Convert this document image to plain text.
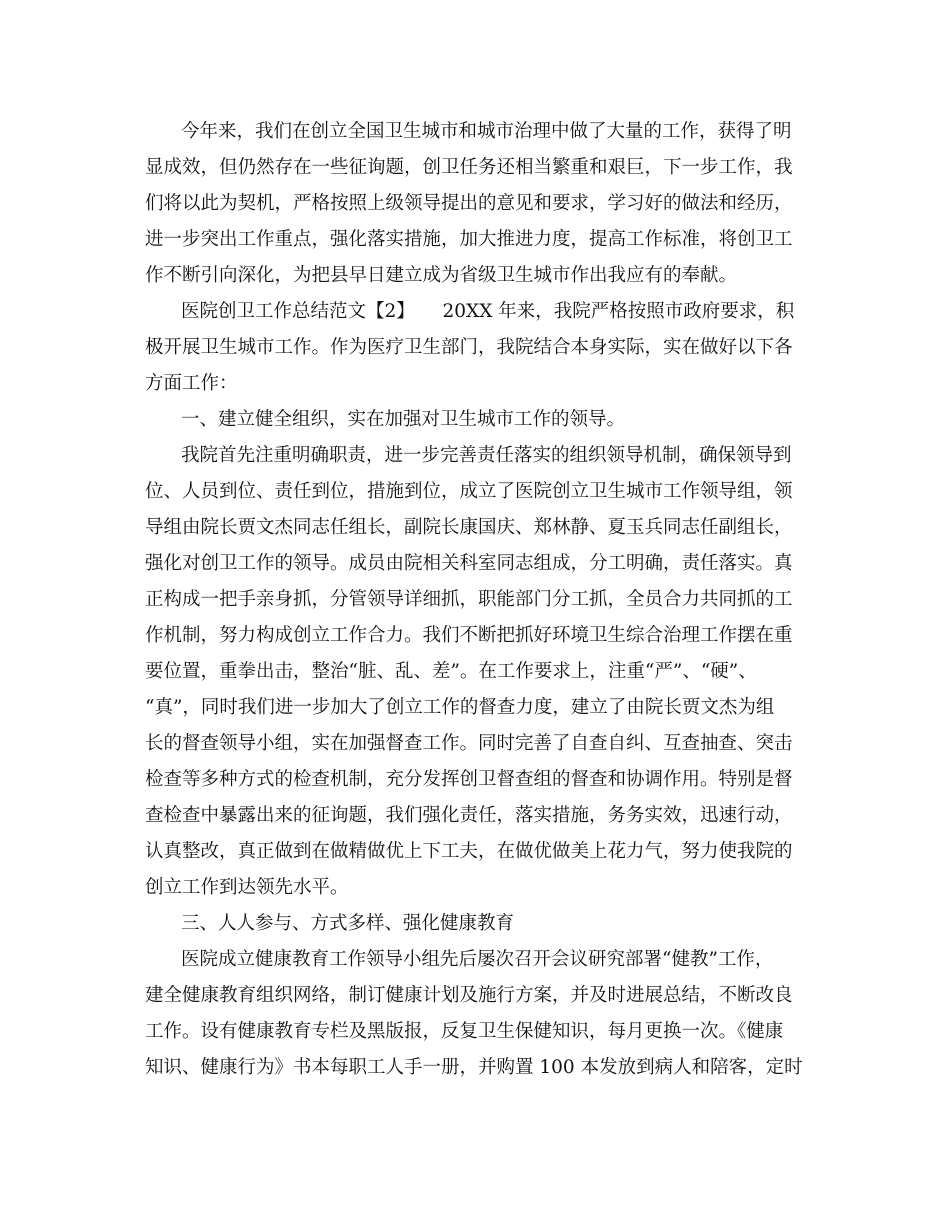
今年来，我们在创立全国卫生城市和城市治理中做了大量的工作，获得了明
显成效，但仍然存在一些征询题，创卫任务还相当繁重和艰巨，下一步工作，我
们将以此为契机，严格按照上级领导提出的意见和要求，学习好的做法和经历，
进一步突出工作重点，强化落实措施，加大推进力度，提高工作标准，将创卫工
作不断引向深化，为把县早日建立成为省级卫生城市作出我应有的奉献。
医院创卫工作总结范文【2】　　20XX 年来，我院严格按照市政府要求，积
极开展卫生城市工作。作为医疗卫生部门，我院结合本身实际，实在做好以下各
方面工作：
一、建立健全组织，实在加强对卫生城市工作的领导。
我院首先注重明确职责，进一步完善责任落实的组织领导机制，确保领导到
位、人员到位、责任到位，措施到位，成立了医院创立卫生城市工作领导组，领
导组由院长贾文杰同志任组长，副院长康国庆、郑林静、夏玉兵同志任副组长，
强化对创卫工作的领导。成员由院相关科室同志组成，分工明确，责任落实。真
正构成一把手亲身抓，分管领导详细抓，职能部门分工抓，全员合力共同抓的工
作机制，努力构成创立工作合力。我们不断把抓好环境卫生综合治理工作摆在重
要位置，重拳出击，整治“脏、乱、差”。在工作要求上，注重“严”、“硬”、
“真”，同时我们进一步加大了创立工作的督查力度，建立了由院长贾文杰为组
长的督查领导小组，实在加强督查工作。同时完善了自查自纠、互查抽查、突击
检查等多种方式的检查机制，充分发挥创卫督查组的督查和协调作用。特别是督
查检查中暴露出来的征询题，我们强化责任，落实措施，务务实效，迅速行动，
认真整改，真正做到在做精做优上下工夫，在做优做美上花力气，努力使我院的
创立工作到达领先水平。
三、人人参与、方式多样、强化健康教育
医院成立健康教育工作领导小组先后屡次召开会议研究部署“健教”工作，
建全健康教育组织网络，制订健康计划及施行方案，并及时进展总结，不断改良
工作。设有健康教育专栏及黑版报，反复卫生保健知识，每月更换一次。《健康
知识、健康行为》书本每职工人手一册，并购置 100 本发放到病人和陪客，定时
